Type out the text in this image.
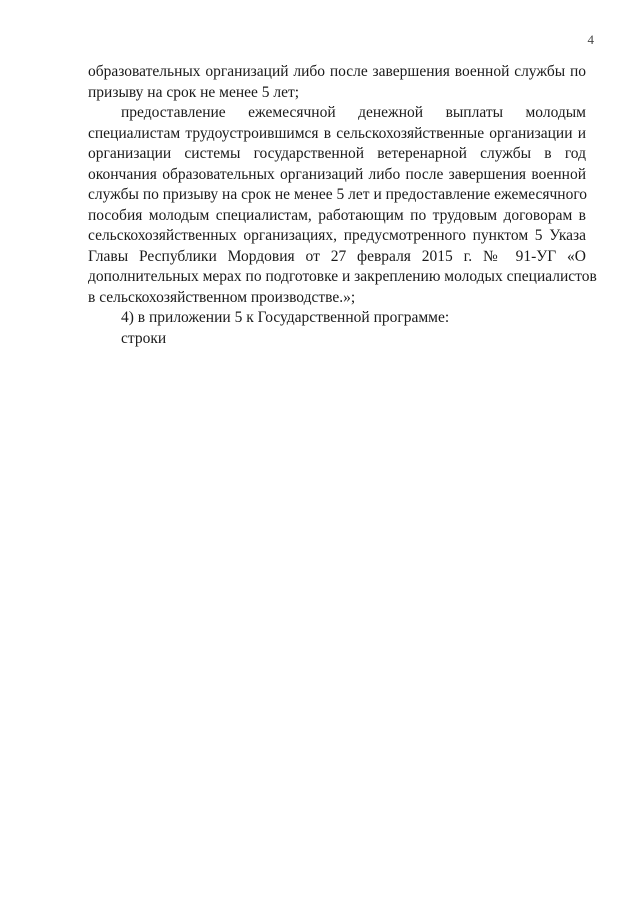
4
образовательных организаций либо после завершения военной службы по
призыву на срок не менее 5 лет;
предоставление ежемесячной денежной выплаты молодым
специалистам трудоустроившимся в сельскохозяйственные организации и
организации системы государственной ветеренарной службы в год
окончания образовательных организаций либо после завершения военной
службы по призыву на срок не менее 5 лет и предоставление ежемесячного
пособия молодым специалистам, работающим по трудовым договорам в
сельскохозяйственных организациях, предусмотренного пунктом 5 Указа
Главы Республики Мордовия от 27 февраля 2015 г. № 91-УГ «О
дополнительных мерах по подготовке и закреплению молодых специалистов
в сельскохозяйственном производстве.»;
4) в приложении 5 к Государственной программе:
строки
